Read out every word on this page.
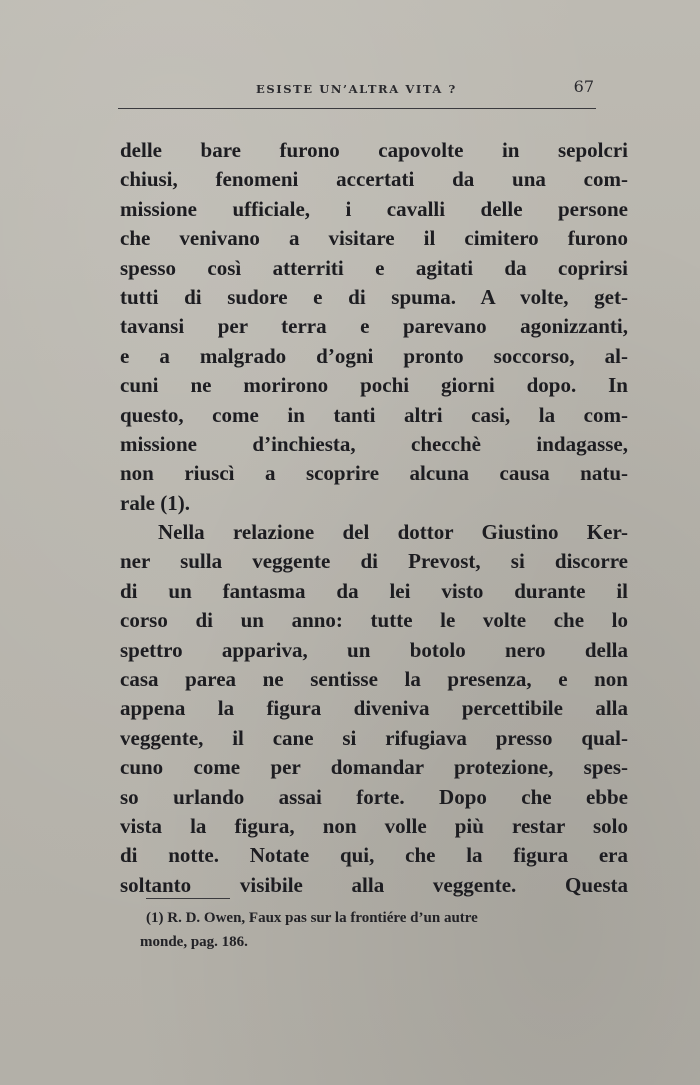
ESISTE UN’ALTRA VITA ?	67
delle bare furono capovolte in sepolcri
chiusi, fenomeni accertati da una com-
missione ufficiale, i cavalli delle persone
che venivano a visitare il cimitero furono
spesso così atterriti e agitati da coprirsi
tutti di sudore e di spuma. A volte, get-
tavansi per terra e parevano agonizzanti,
e a malgrado d’ogni pronto soccorso, al-
cuni ne morirono pochi giorni dopo. In
questo, come in tanti altri casi, la com-
missione d’inchiesta, checchè indagasse,
non riuscì a scoprire alcuna causa natu-
rale (1).
Nella relazione del dottor Giustino Ker-
ner sulla veggente di Prevost, si discorre
di un fantasma da lei visto durante il
corso di un anno: tutte le volte che lo
spettro appariva, un botolo nero della
casa parea ne sentisse la presenza, e non
appena la figura diveniva percettibile alla
veggente, il cane si rifugiava presso qual-
cuno come per domandar protezione, spes-
so urlando assai forte. Dopo che ebbe
vista la figura, non volle più restar solo
di notte. Notate qui, che la figura era
soltanto visibile alla veggente. Questa
(1) R. D. Owen, Faux pas sur la frontiére d’un autre
monde, pag. 186.
